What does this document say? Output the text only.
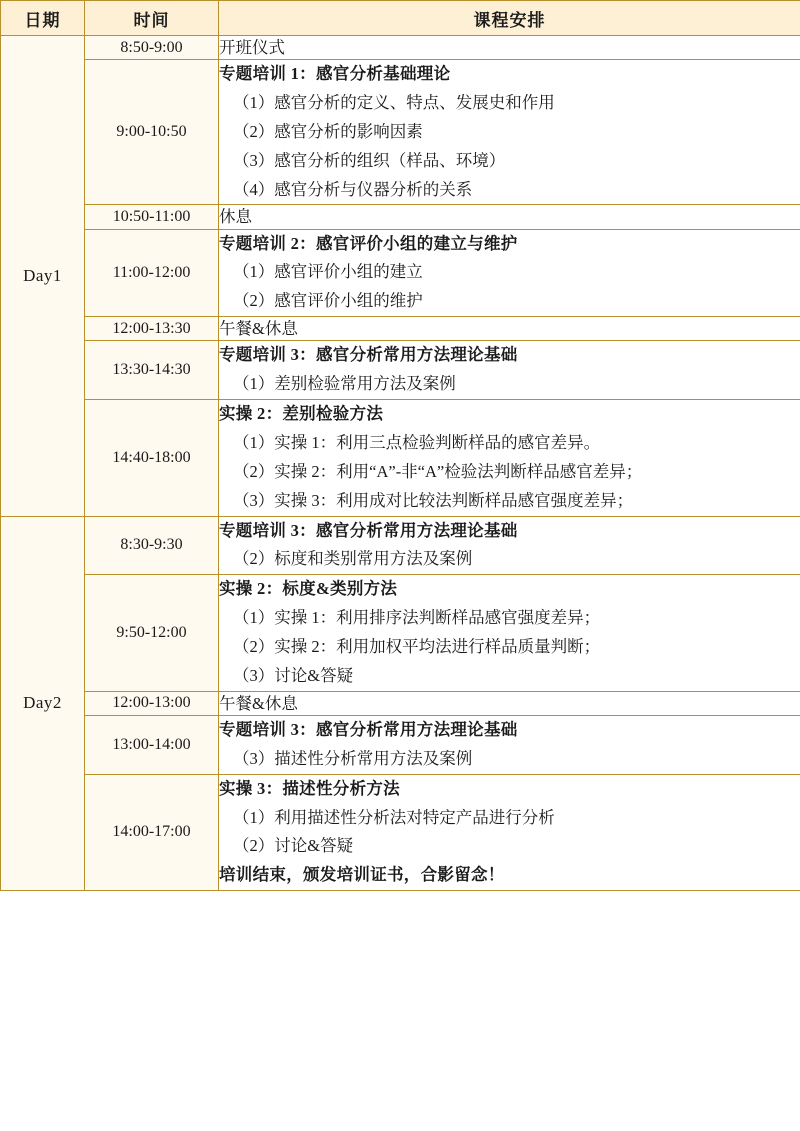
日期	时间	课程安排
Day1	8:50-9:00	开班仪式

	9:00-10:50	专题培训 1：感官分析基础理论
（1）感官分析的定义、特点、发展史和作用
（2）感官分析的影响因素
（3）感官分析的组织（样品、环境）
（4）感官分析与仪器分析的关系

	10:50-11:00	休息

	11:00-12:00	专题培训 2：感官评价小组的建立与维护
（1）感官评价小组的建立
（2）感官评价小组的维护

	12:00-13:30	午餐&休息

	13:30-14:30	专题培训 3：感官分析常用方法理论基础
（1）差别检验常用方法及案例

	14:40-18:00	实操 2：差别检验方法
（1）实操 1：利用三点检验判断样品的感官差异。
（2）实操 2：利用“A”-非“A”检验法判断样品感官差异；
（3）实操 3：利用成对比较法判断样品感官强度差异；

Day2	8:30-9:30	专题培训 3：感官分析常用方法理论基础
（2）标度和类别常用方法及案例

	9:50-12:00	实操 2：标度&类别方法
（1）实操 1：利用排序法判断样品感官强度差异；
（2）实操 2：利用加权平均法进行样品质量判断；
（3）讨论&答疑

	12:00-13:00	午餐&休息

	13:00-14:00	专题培训 3：感官分析常用方法理论基础
（3）描述性分析常用方法及案例

	14:00-17:00	实操 3：描述性分析方法
（1）利用描述性分析法对特定产品进行分析
（2）讨论&答疑
培训结束，颁发培训证书，合影留念！
